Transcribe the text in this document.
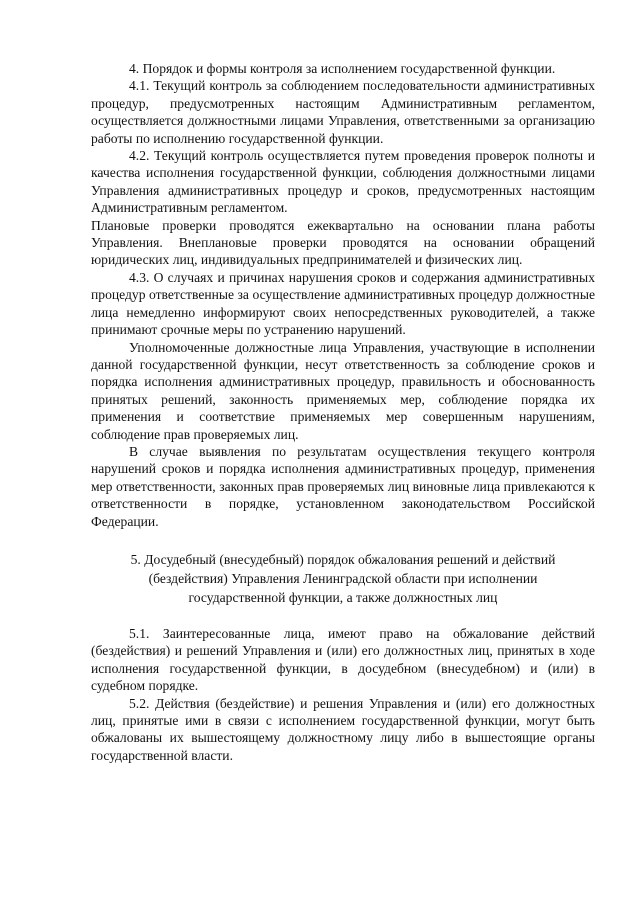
4. Порядок и формы контроля за исполнением государственной функции.

4.1. Текущий контроль за соблюдением последовательности административных процедур, предусмотренных настоящим Административным регламентом, осуществляется должностными лицами Управления, ответственными за организацию работы по исполнению государственной функции.

4.2. Текущий контроль осуществляется путем проведения проверок полноты и качества исполнения государственной функции, соблюдения должностными лицами Управления административных процедур и сроков, предусмотренных настоящим Административным регламентом.

Плановые проверки проводятся ежеквартально на основании плана работы Управления. Внеплановые проверки проводятся на основании обращений юридических лиц, индивидуальных предпринимателей и физических лиц.

4.3. О случаях и причинах нарушения сроков и содержания административных процедур ответственные за осуществление административных процедур должностные лица немедленно информируют своих непосредственных руководителей, а также принимают срочные меры по устранению нарушений.

Уполномоченные должностные лица Управления, участвующие в исполнении данной государственной функции, несут ответственность за соблюдение сроков и порядка исполнения административных процедур, правильность и обоснованность принятых решений, законность применяемых мер, соблюдение порядка их применения и соответствие применяемых мер совершенным нарушениям, соблюдение прав проверяемых лиц.

В случае выявления по результатам осуществления текущего контроля нарушений сроков и порядка исполнения административных процедур, применения мер ответственности, законных прав проверяемых лиц виновные лица привлекаются к ответственности в порядке, установленном законодательством Российской Федерации.

5. Досудебный (внесудебный) порядок обжалования решений и действий
(бездействия) Управления Ленинградской области при исполнении
государственной функции, а также должностных лиц

5.1. Заинтересованные лица, имеют право на обжалование действий (бездействия) и решений Управления и (или) его должностных лиц, принятых в ходе исполнения государственной функции, в досудебном (внесудебном) и (или) в судебном порядке.

5.2. Действия (бездействие) и решения Управления и (или) его должностных лиц, принятые ими в связи с исполнением государственной функции, могут быть обжалованы их вышестоящему должностному лицу либо в вышестоящие органы государственной власти.
